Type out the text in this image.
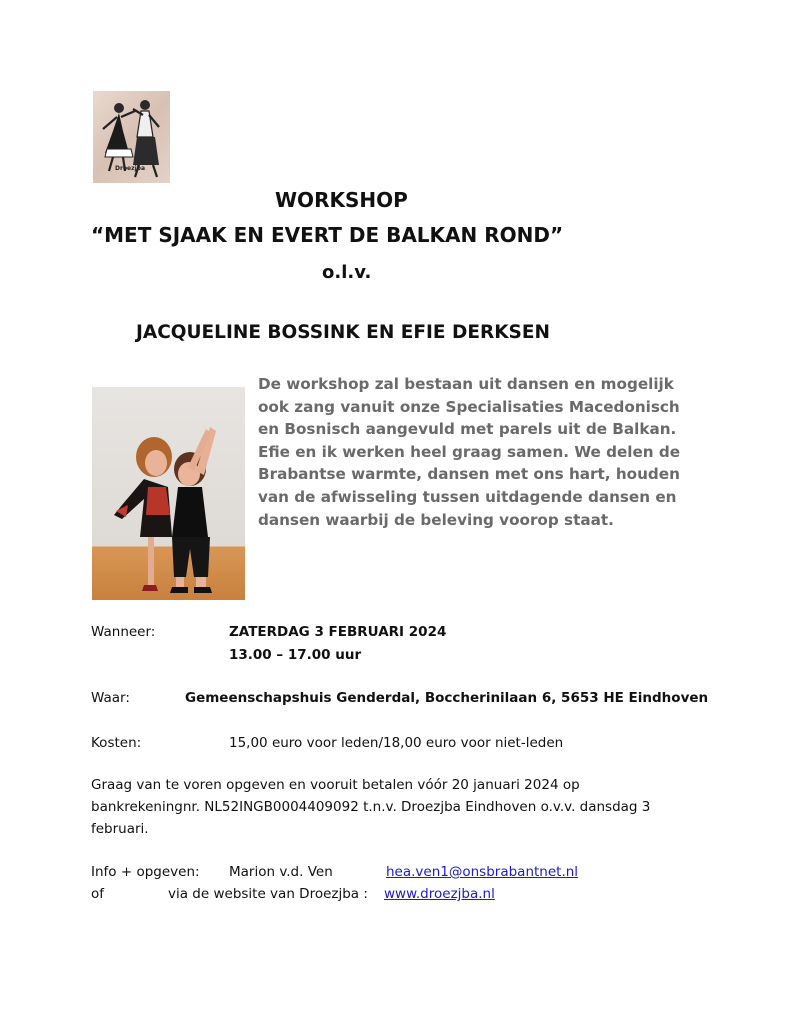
Droezjba
WORKSHOP
“MET SJAAK EN EVERT DE BALKAN ROND”
o.l.v.
JACQUELINE BOSSINK EN EFIE DERKSEN
De workshop zal bestaan uit dansen en mogelijk
ook zang vanuit onze Specialisaties Macedonisch
en Bosnisch aangevuld met parels uit de Balkan.
Efie en ik werken heel graag samen. We delen de
Brabantse warmte, dansen met ons hart, houden
van de afwisseling tussen uitdagende dansen en
dansen waarbij de beleving voorop staat.
Wanneer:	ZATERDAG 3 FEBRUARI 2024
13.00 – 17.00 uur
Waar:	Gemeenschapshuis Genderdal, Boccherinilaan 6, 5653 HE Eindhoven
Kosten:	15,00 euro voor leden/18,00 euro voor niet-leden
Graag van te voren opgeven en vooruit betalen vóór 20 januari 2024 op
bankrekeningnr. NL52INGB0004409092 t.n.v. Droezjba Eindhoven o.v.v. dansdag 3
februari.
Info + opgeven: Marion v.d. Ven	hea.ven1@onsbrabantnet.nl
of	via de website van Droezjba : www.droezjba.nl
